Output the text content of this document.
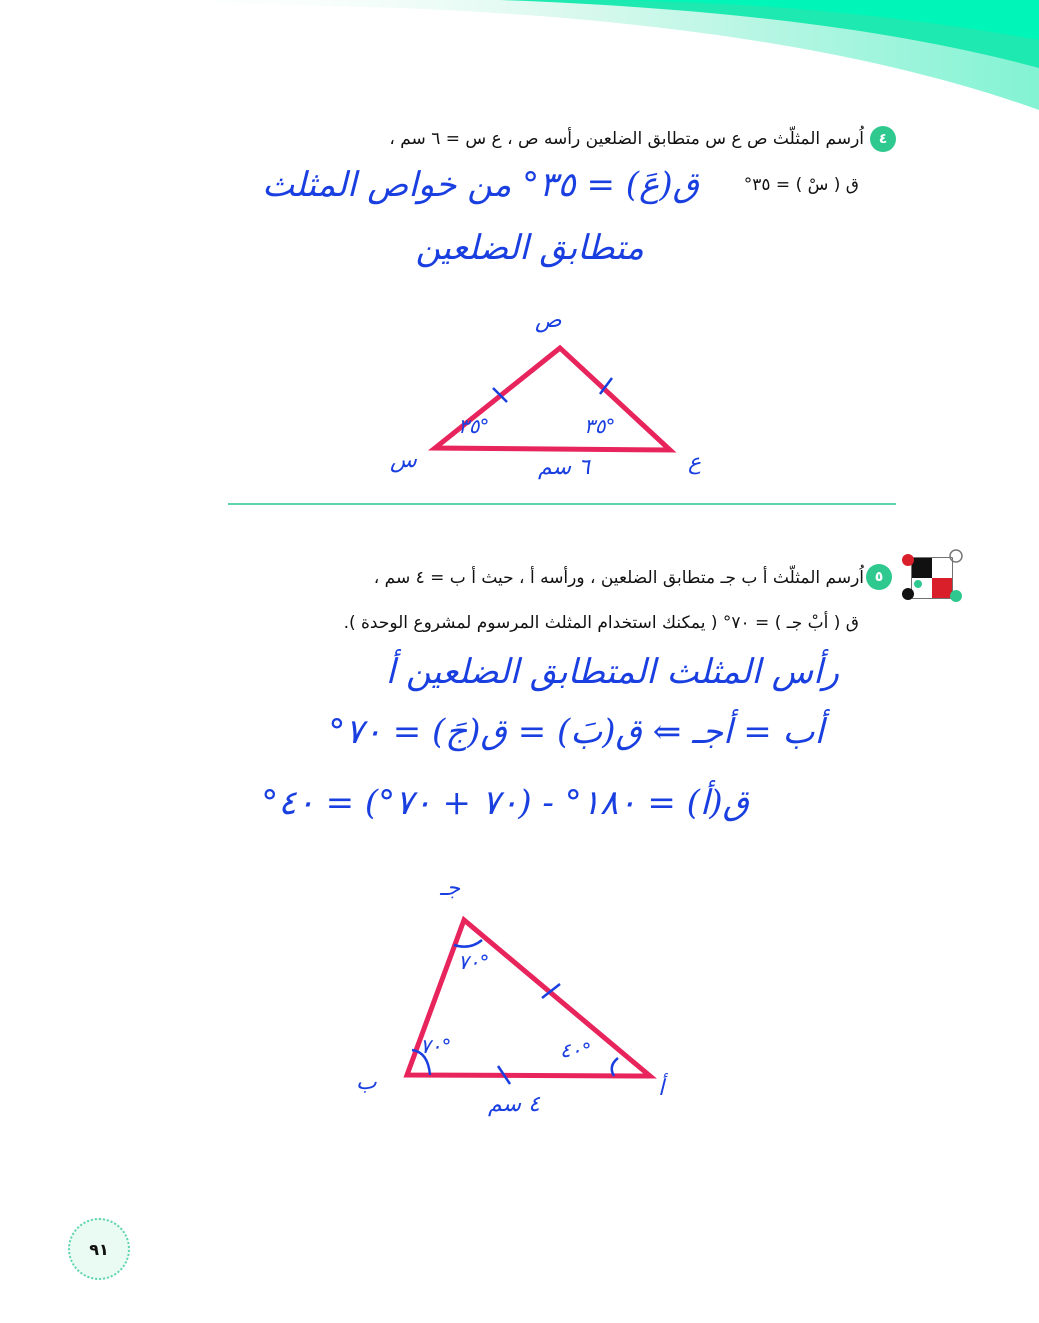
٤
اُرسم المثلّث ص ع س متطابق الضلعين رأسه ص ، ع س = ٦ سم ،
ق ( سْ ) = ٣٥°
ق(عَ) = ٣٥° من خواص المثلث
متطابق الضلعين
ص
س	ع
٣٥°	٣٥°
٦ سم
٥
اُرسم المثلّث أ ب جـ متطابق الضلعين ، ورأسه أ ، حيث أ ب = ٤ سم ،
ق ( أبْ جـ ) = ٧٠° ( يمكنك استخدام المثلث المرسوم لمشروع الوحدة ).
رأس المثلث المتطابق الضلعين أ
أب = أجـ ⇐ ق(بَ) = ق(جَ) = ٧٠°
ق(أ) = ١٨٠° - (٧٠ + ٧٠°) = ٤٠°
جـ
ب	أ
٧٠°
٧٠°	٤٠°
٤ سم
٩١
